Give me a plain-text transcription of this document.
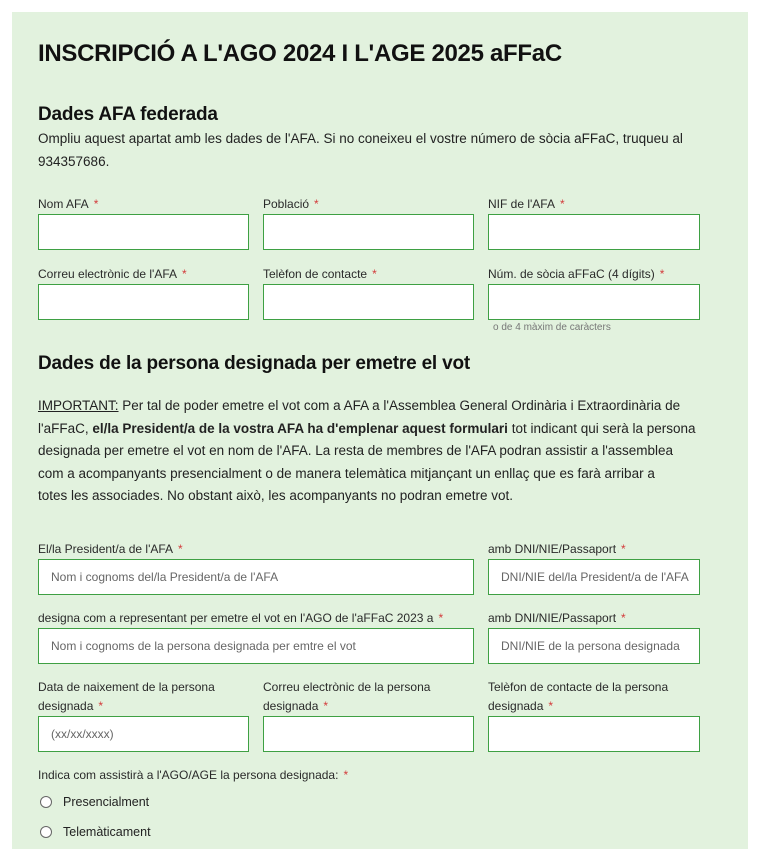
INSCRIPCIÓ A L'AGO 2024 I L'AGE 2025 aFFaC
Dades AFA federada
Ompliu aquest apartat amb les dades de l'AFA. Si no coneixeu el vostre número de sòcia aFFaC, truqueu al
934357686.
Nom AFA *	Població *	NIF de l'AFA *
Correu electrònic de l'AFA *	Telèfon de contacte *	Núm. de sòcia aFFaC (4 dígits) *
o de 4 màxim de caràcters
Dades de la persona designada per emetre el vot
IMPORTANT: Per tal de poder emetre el vot com a AFA a l'Assemblea General Ordinària i Extraordinària de
l'aFFaC, el/la President/a de la vostra AFA ha d'emplenar aquest formulari tot indicant qui serà la persona
designada per emetre el vot en nom de l'AFA. La resta de membres de l'AFA podran assistir a l'assemblea
com a acompanyants presencialment o de manera telemàtica mitjançant un enllaç que es farà arribar a
totes les associades. No obstant això, les acompanyants no podran emetre vot.
El/la President/a de l'AFA *
Nom i cognoms del/la President/a de l'AFA
amb DNI/NIE/Passaport *
DNI/NIE del/la President/a de l'AFA
designa com a representant per emetre el vot en l'AGO de l'aFFaC 2023 a *
Nom i cognoms de la persona designada per emtre el vot
amb DNI/NIE/Passaport *
DNI/NIE de la persona designada
Data de naixement de la persona
designada *
(xx/xx/xxxx)
Correu electrònic de la persona
designada *
Telèfon de contacte de la persona
designada *
Indica com assistirà a l'AGO/AGE la persona designada: *
Presencialment
Telemàticament
